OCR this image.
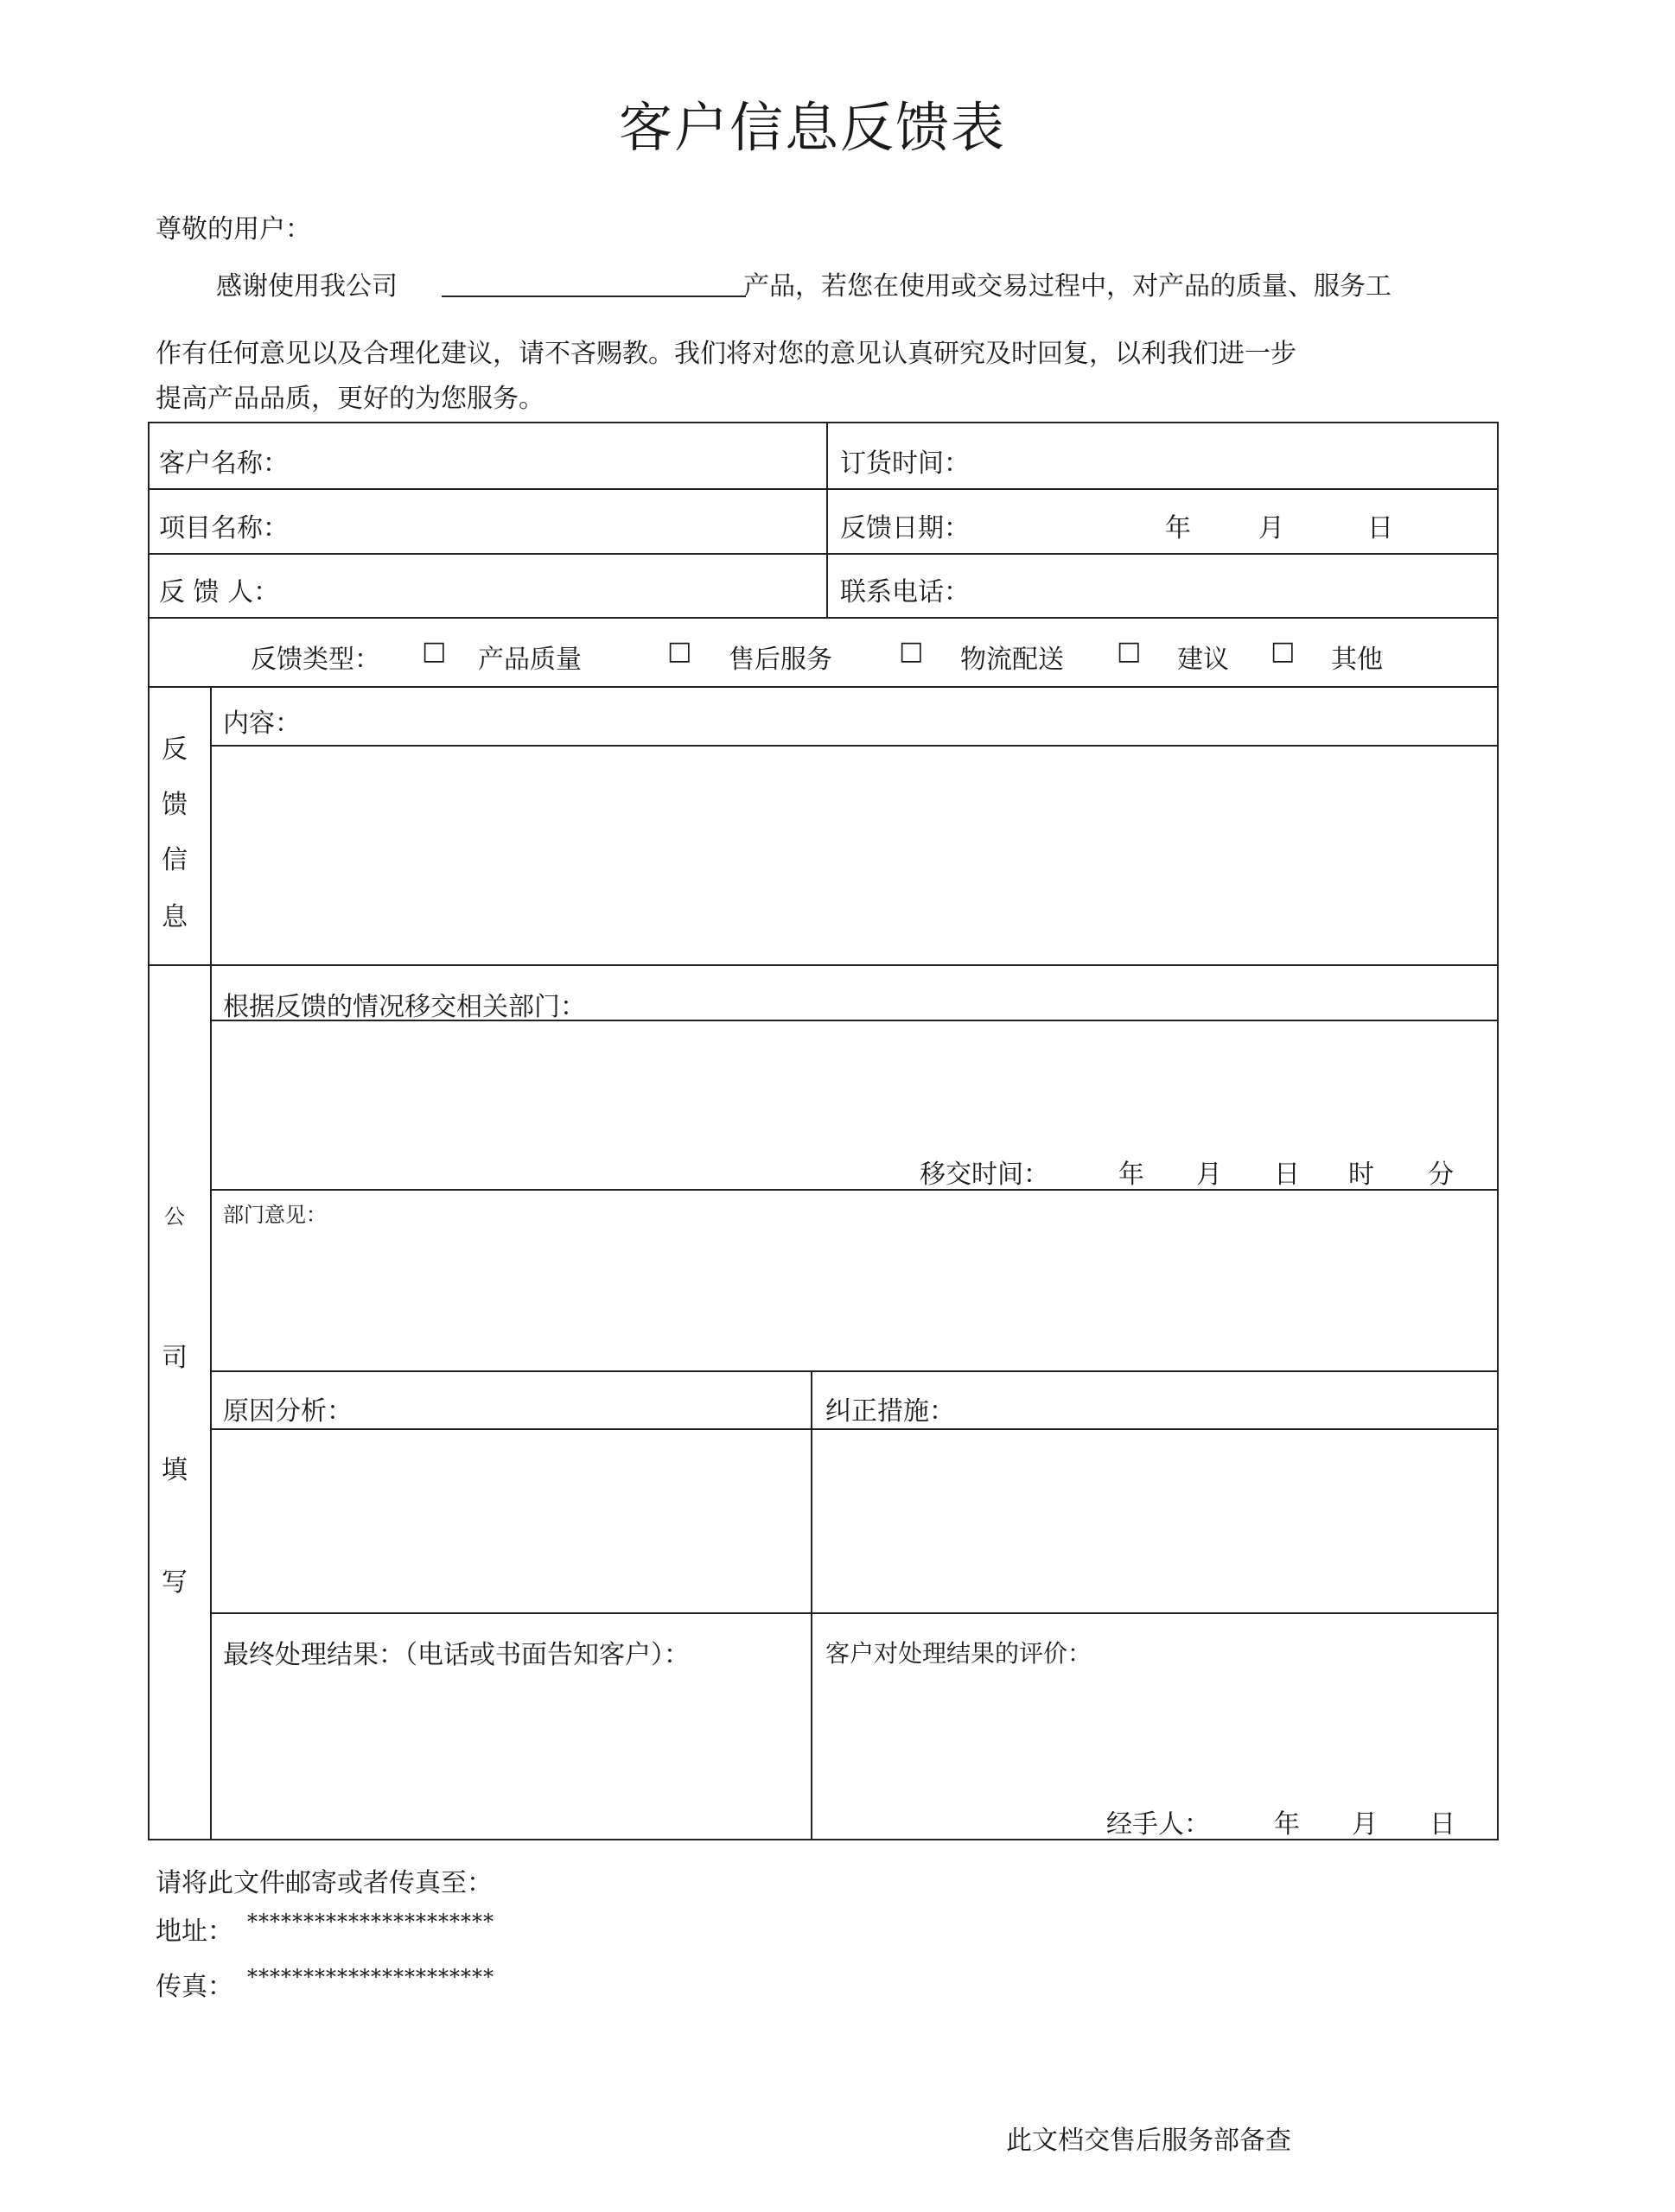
客户信息反馈表
尊敬的用户：
感谢使用我公司	产品，若您在使用或交易过程中，对产品的质量、服务工
作有任何意见以及合理化建议，请不吝赐教。我们将对您的意见认真研究及时回复，以利我们进一步
提高产品品质，更好的为您服务。
客户名称：	订货时间：
项目名称：	反馈日期：	年	月	日
反 馈 人：	联系电话：
反馈类型： □ 产品质量	□ 售后服务	□ 物流配送 □ 建议 □ 其他
反
馈
信
息
内容：
公
司
填
写
根据反馈的情况移交相关部门：
移交时间：	年 月 日 时 分
部门意见：
原因分析：	纠正措施：
最终处理结果：（电话或书面告知客户）：	客户对处理结果的评价：
经手人： 年 月 日
请将此文件邮寄或者传真至：
地址： **********************
传真： **********************
此文档交售后服务部备查
